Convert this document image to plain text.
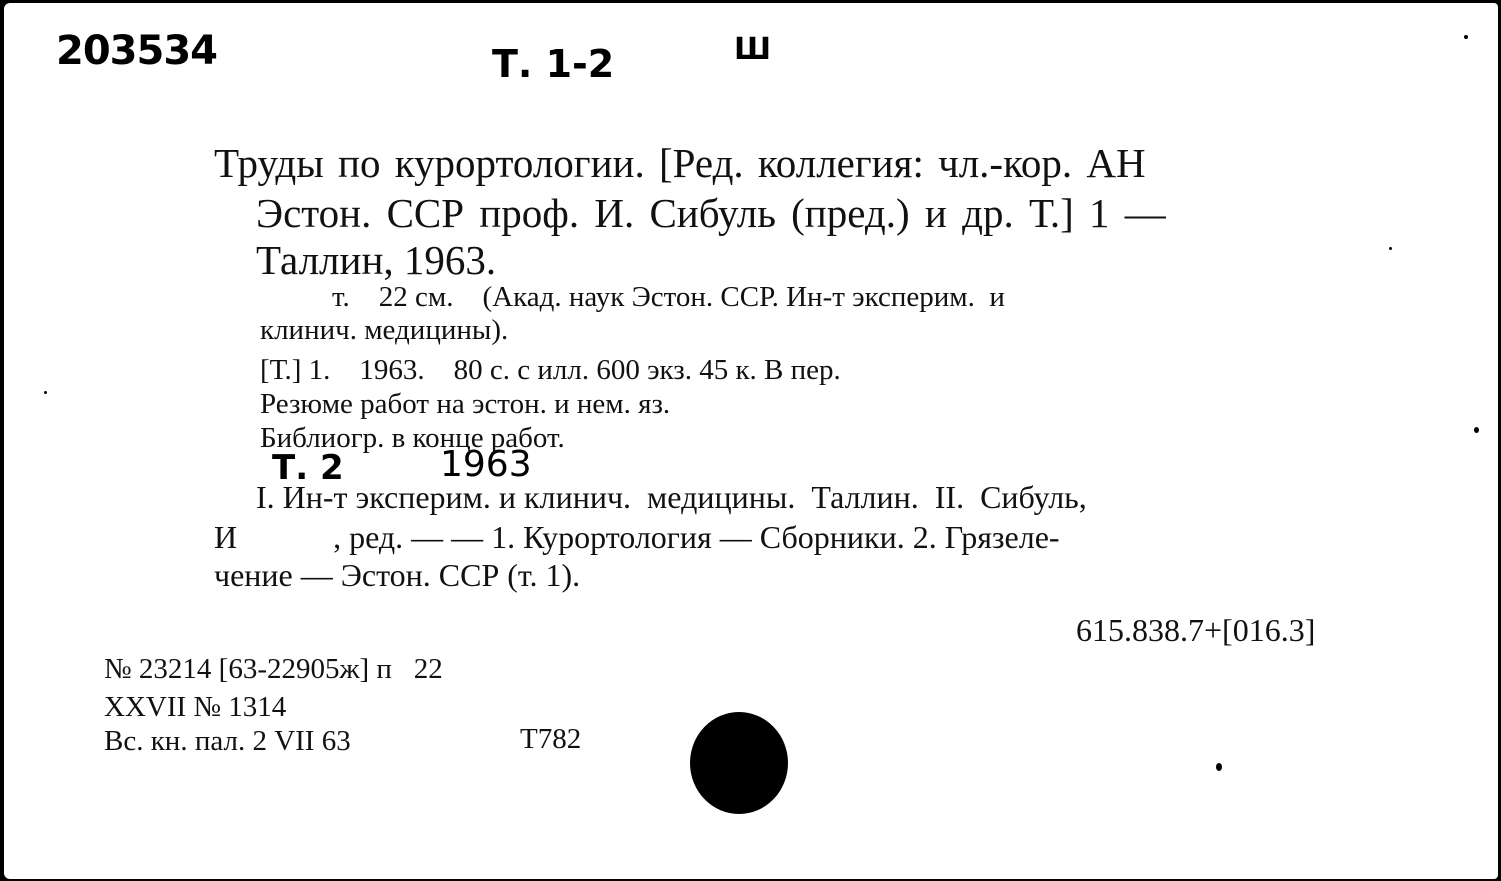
203534	Т. 1-2	Ш
Труды по курортологии. [Ред. коллегия: чл.-кор. АН
Эстон. ССР проф. И. Сибуль (пред.) и др. Т.] 1 —
Таллин, 1963.
т.    22 см.    (Акад. наук Эстон. ССР. Ин-т эксперим.  и
клинич. медицины).
[Т.] 1.    1963.    80 с. с илл. 600 экз. 45 к. В пер.
Резюме работ на эстон. и нем. яз.
Библиогр. в конце работ.
Т. 2	1963
I. Ин-т эксперим. и клинич.  медицины.  Таллин.  II.  Сибуль,
И            , ред. — — 1. Курортология — Сборники. 2. Грязеле-
чение — Эстон. ССР (т. 1).
615.838.7+[016.3]
№ 23214 [63-22905ж] п   22
XXVII № 1314
Вс. кн. пал. 2 VII 63	Т782
